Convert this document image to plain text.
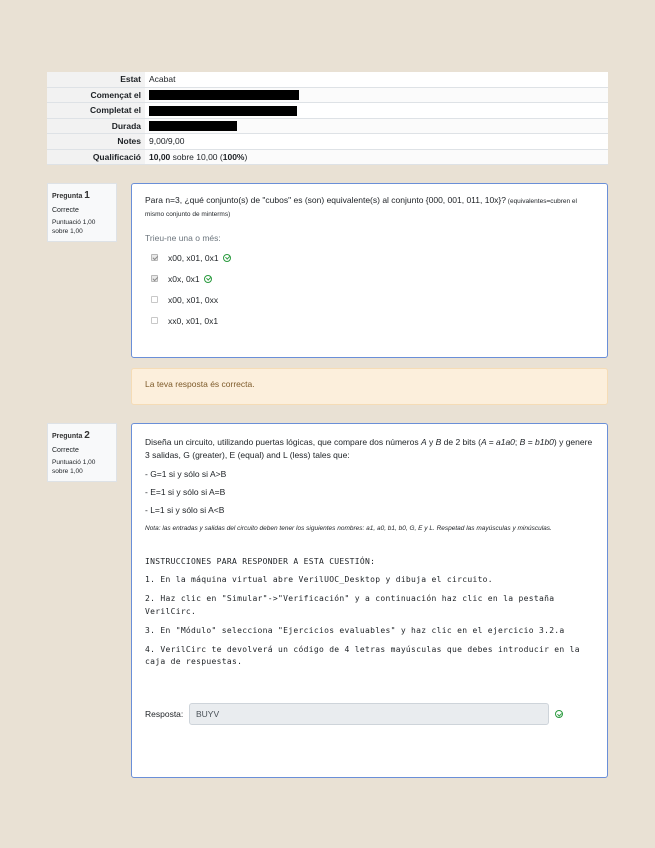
Estat	Acabat
Començat el	
Completat el	
Durada	
Notes	9,00/9,00
Qualificació	10,00 sobre 10,00 (100%)
Pregunta 1
Correcte
Puntuació 1,00 sobre 1,00
Para n=3, ¿qué conjunto(s) de "cubos" es (son) equivalente(s) al conjunto {000, 001, 011, 10x}? (equivalentes=cubren el mismo conjunto de minterms)
Trieu-ne una o més:
x00, x01, 0x1
x0x, 0x1
x00, x01, 0xx
xx0, x01, 0x1
La teva resposta és correcta.
Pregunta 2
Correcte
Puntuació 1,00 sobre 1,00

Diseña un circuito, utilizando puertas lógicas, que compare dos números A y B de 2 bits (A = a1a0; B = b1b0) y genere 3 salidas, G (greater), E (equal) and L (less) tales que:

- G=1 si y sólo si A>B

- E=1 si y sólo si A=B

- L=1 si y sólo si A<B

Nota: las entradas y salidas del circuito deben tener los siguientes nombres: a1, a0, b1, b0, G, E y L. Respetad las mayúsculas y minúsculas.

INSTRUCCIONES PARA RESPONDER A ESTA CUESTIÓN:

1. En la máquina virtual abre VerilUOC_Desktop y dibuja el circuito.

2. Haz clic en "Simular"->"Verificación" y a continuación haz clic en la pestaña VerilCirc.

3. En "Módulo" selecciona "Ejercicios evaluables" y haz clic en el ejercicio 3.2.a

4. VerilCirc te devolverá un código de 4 letras mayúsculas que debes introducir en la caja de respuestas.

Resposta:	BUYV
